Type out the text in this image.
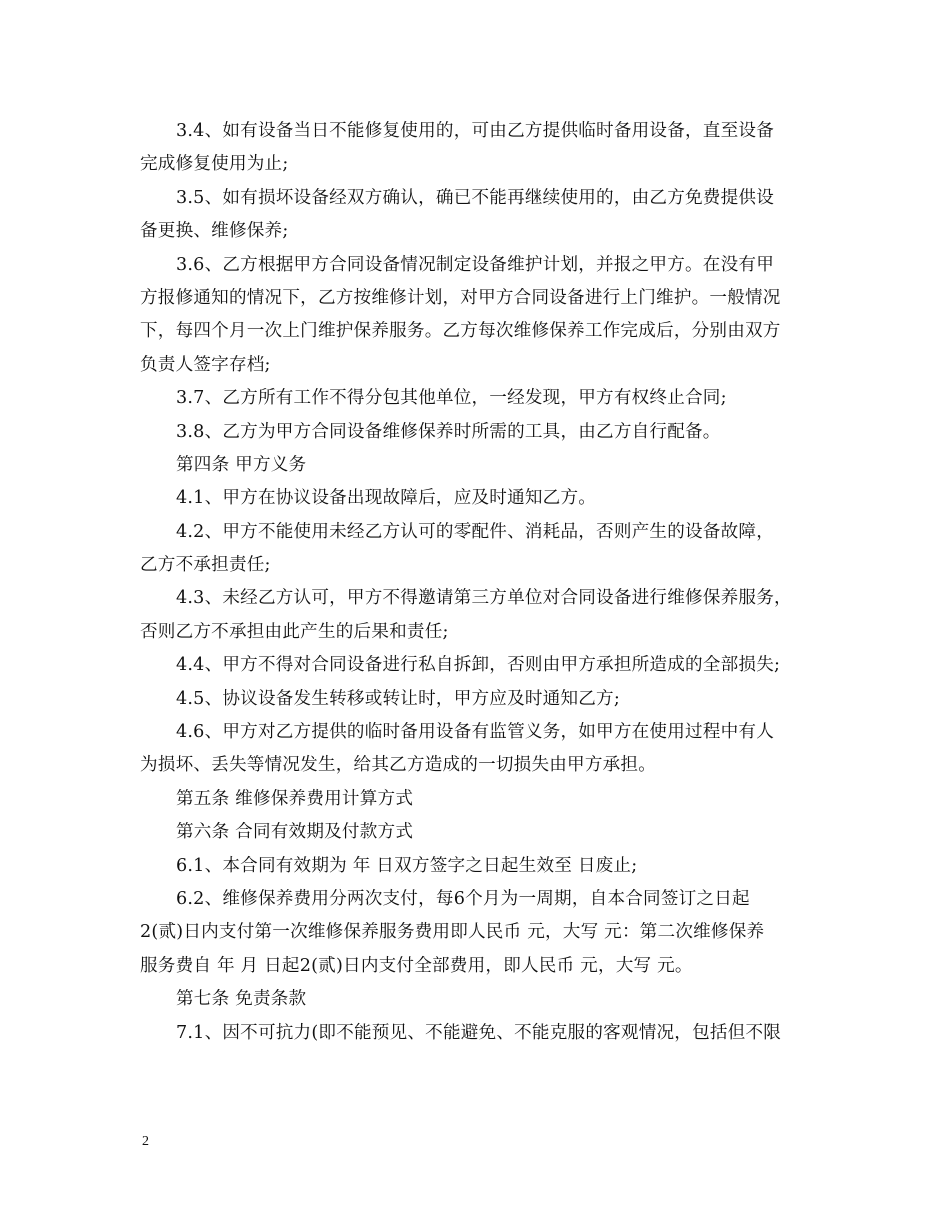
3.4、如有设备当日不能修复使用的，可由乙方提供临时备用设备，直至设备
完成修复使用为止;
3.5、如有损坏设备经双方确认，确已不能再继续使用的，由乙方免费提供设
备更换、维修保养;
3.6、乙方根据甲方合同设备情况制定设备维护计划，并报之甲方。在没有甲
方报修通知的情况下，乙方按维修计划，对甲方合同设备进行上门维护。一般情况
下，每四个月一次上门维护保养服务。乙方每次维修保养工作完成后，分别由双方
负责人签字存档;
3.7、乙方所有工作不得分包其他单位，一经发现，甲方有权终止合同;
3.8、乙方为甲方合同设备维修保养时所需的工具，由乙方自行配备。
第四条 甲方义务
4.1、甲方在协议设备出现故障后，应及时通知乙方。
4.2、甲方不能使用未经乙方认可的零配件、消耗品，否则产生的设备故障，
乙方不承担责任;
4.3、未经乙方认可，甲方不得邀请第三方单位对合同设备进行维修保养服务，
否则乙方不承担由此产生的后果和责任;
4.4、甲方不得对合同设备进行私自拆卸，否则由甲方承担所造成的全部损失;
4.5、协议设备发生转移或转让时，甲方应及时通知乙方;
4.6、甲方对乙方提供的临时备用设备有监管义务，如甲方在使用过程中有人
为损坏、丢失等情况发生，给其乙方造成的一切损失由甲方承担。
第五条 维修保养费用计算方式
第六条 合同有效期及付款方式
6.1、本合同有效期为 年 日双方签字之日起生效至 日废止;
6.2、维修保养费用分两次支付，每6个月为一周期，自本合同签订之日起
2(贰)日内支付第一次维修保养服务费用即人民币 元，大写 元：第二次维修保养
服务费自 年 月 日起2(贰)日内支付全部费用，即人民币 元，大写 元。
第七条 免责条款
7.1、因不可抗力(即不能预见、不能避免、不能克服的客观情况，包括但不限
2
